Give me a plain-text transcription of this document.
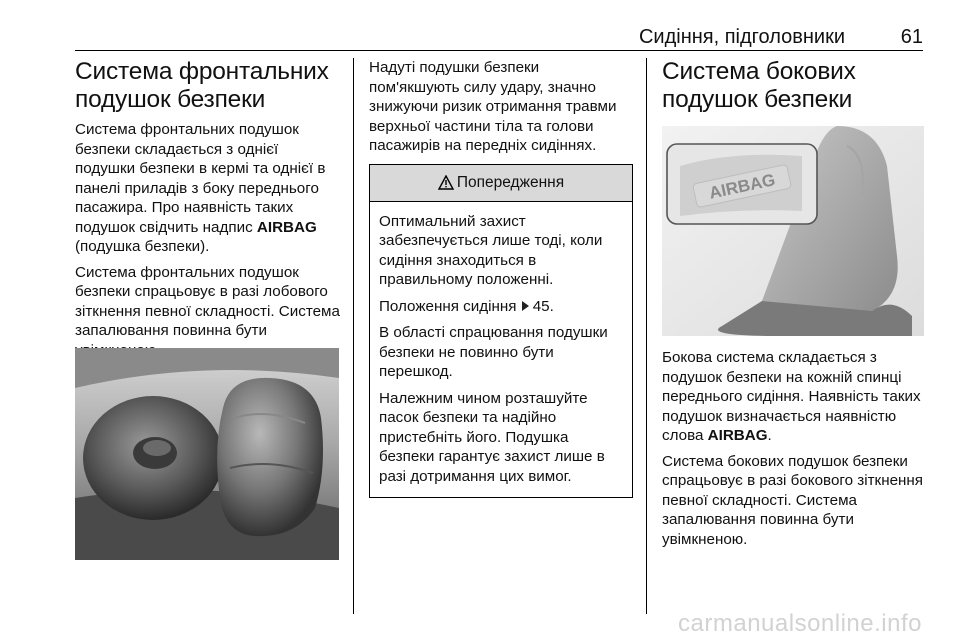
Сидіння, підголовники	61
Система фронтальних подушок безпеки

Система фронтальних подушок безпеки складається з однієї подушки безпеки в кермі та однієї в панелі приладів з боку переднього пасажира. Про наявність таких подушок свідчить надпис AIRBAG (подушка безпеки).

Система фронтальних подушок безпеки спрацьовує в разі лобового зіткнення певної складності. Система запалювання повинна бути

Надуті подушки безпеки пом'якшують силу удару, значно знижуючи ризик отримання травми верхньої частини тіла та голови пасажирів на передніх сидіннях.

Попередження

Оптимальний захист забезпечується лише тоді, коли сидіння знаходиться в правильному положенні.

Положення сидіння 45.

В області спрацювання подушки безпеки не повинно бути перешкод.

Належним чином розташуйте пасок безпеки та надійно пристебніть його. Подушка безпеки гарантує захист лише в разі дотримання цих вимог.

Система бокових подушок безпеки
AIRBAG

Бокова система складається з подушок безпеки на кожній спинці переднього сидіння. Наявність таких подушок визначається наявністю слова AIRBAG.

Система бокових подушок безпеки спрацьовує в разі бокового зіткнення певної складності. Система запалювання повинна бути увімкненою.

carmanualsonline.info
